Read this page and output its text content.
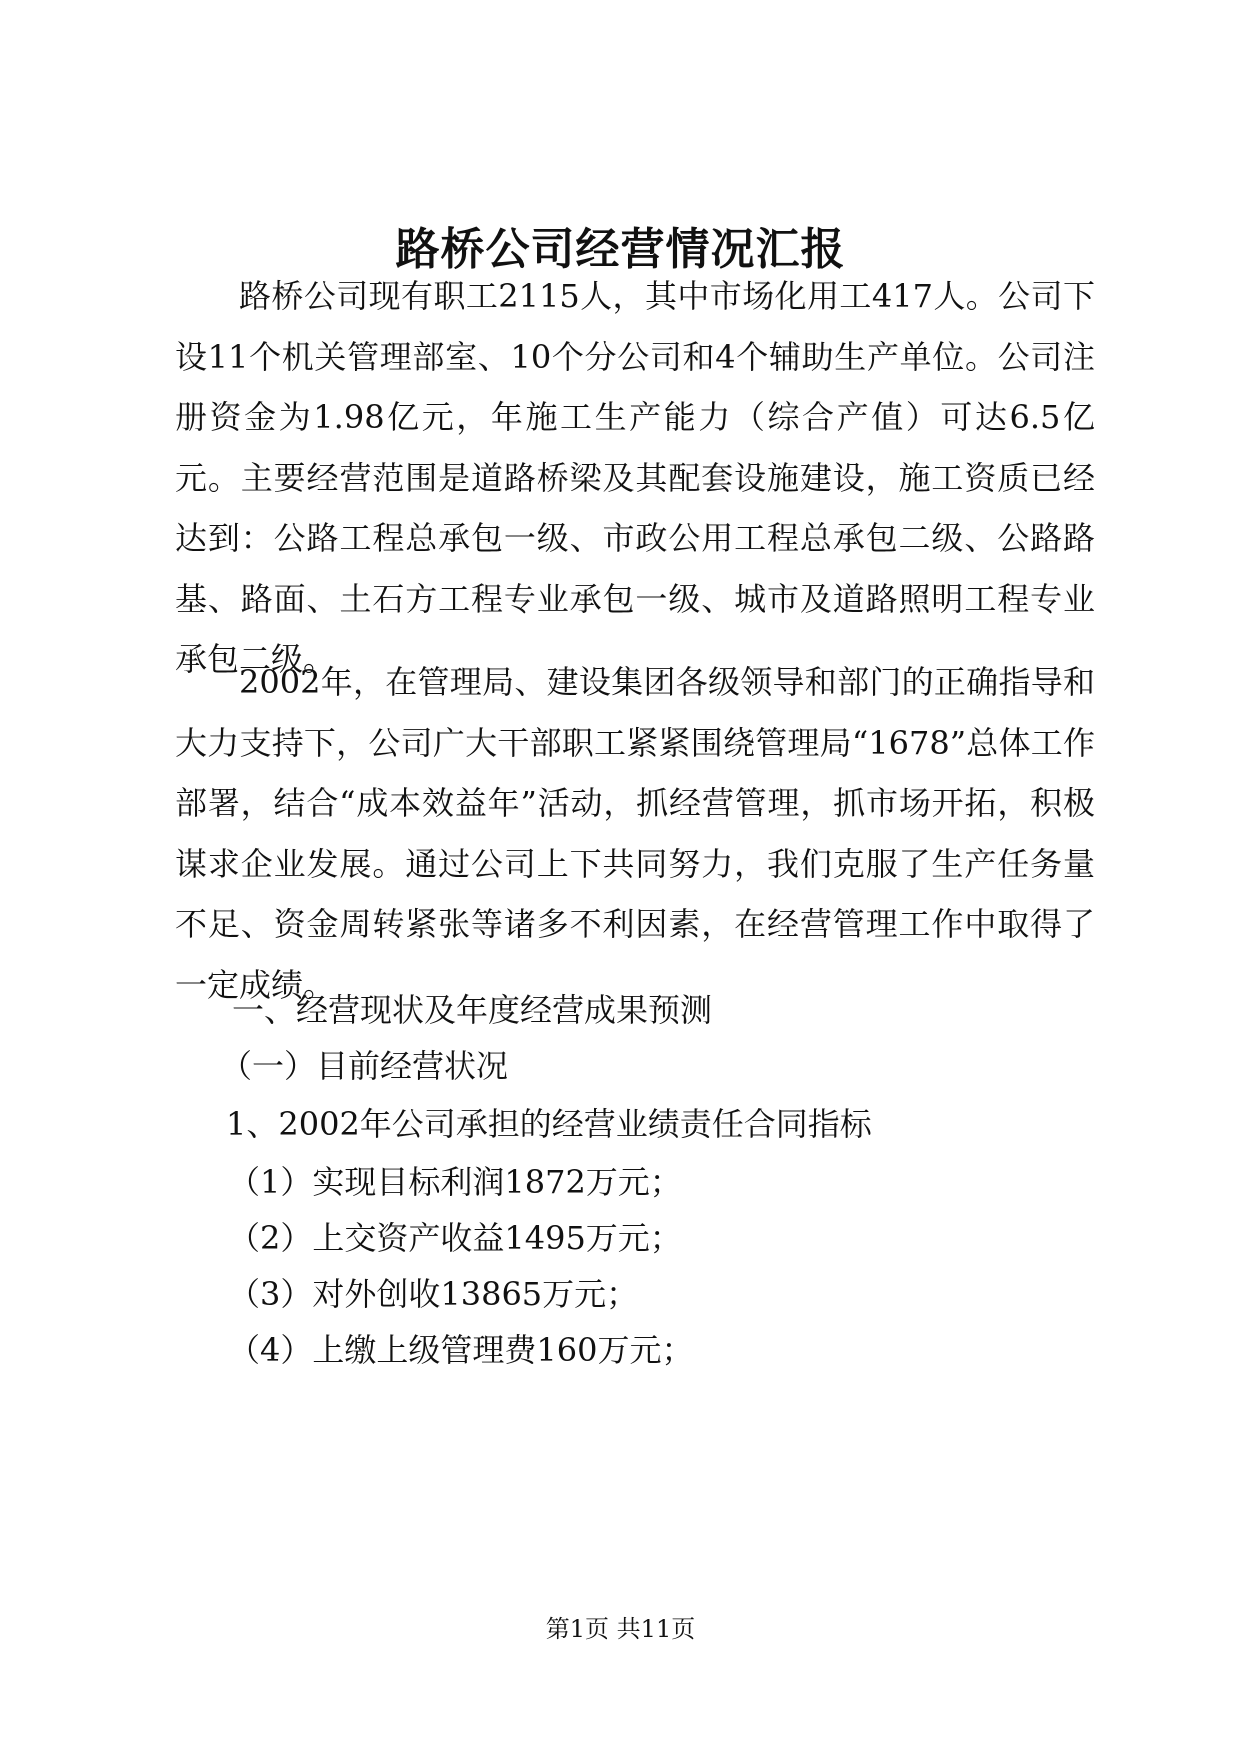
路桥公司经营情况汇报

路桥公司现有职工2115人，其中市场化用工417人。公司下设11个机关管理部室、10个分公司和4个辅助生产单位。公司注册资金为1.98亿元，年施工生产能力（综合产值）可达6.5亿元。主要经营范围是道路桥梁及其配套设施建设，施工资质已经达到：公路工程总承包一级、市政公用工程总承包二级、公路路基、路面、土石方工程专业承包一级、城市及道路照明工程专业承包二级。

2002年，在管理局、建设集团各级领导和部门的正确指导和大力支持下，公司广大干部职工紧紧围绕管理局“1678”总体工作部署，结合“成本效益年”活动，抓经营管理，抓市场开拓，积极谋求企业发展。通过公司上下共同努力，我们克服了生产任务量不足、资金周转紧张等诸多不利因素，在经营管理工作中取得了一定成绩。

一、经营现状及年度经营成果预测

（一）目前经营状况

1、2002年公司承担的经营业绩责任合同指标

（1）实现目标利润1872万元；

（2）上交资产收益1495万元；

（3）对外创收13865万元；

（4）上缴上级管理费160万元；

第1页 共11页
